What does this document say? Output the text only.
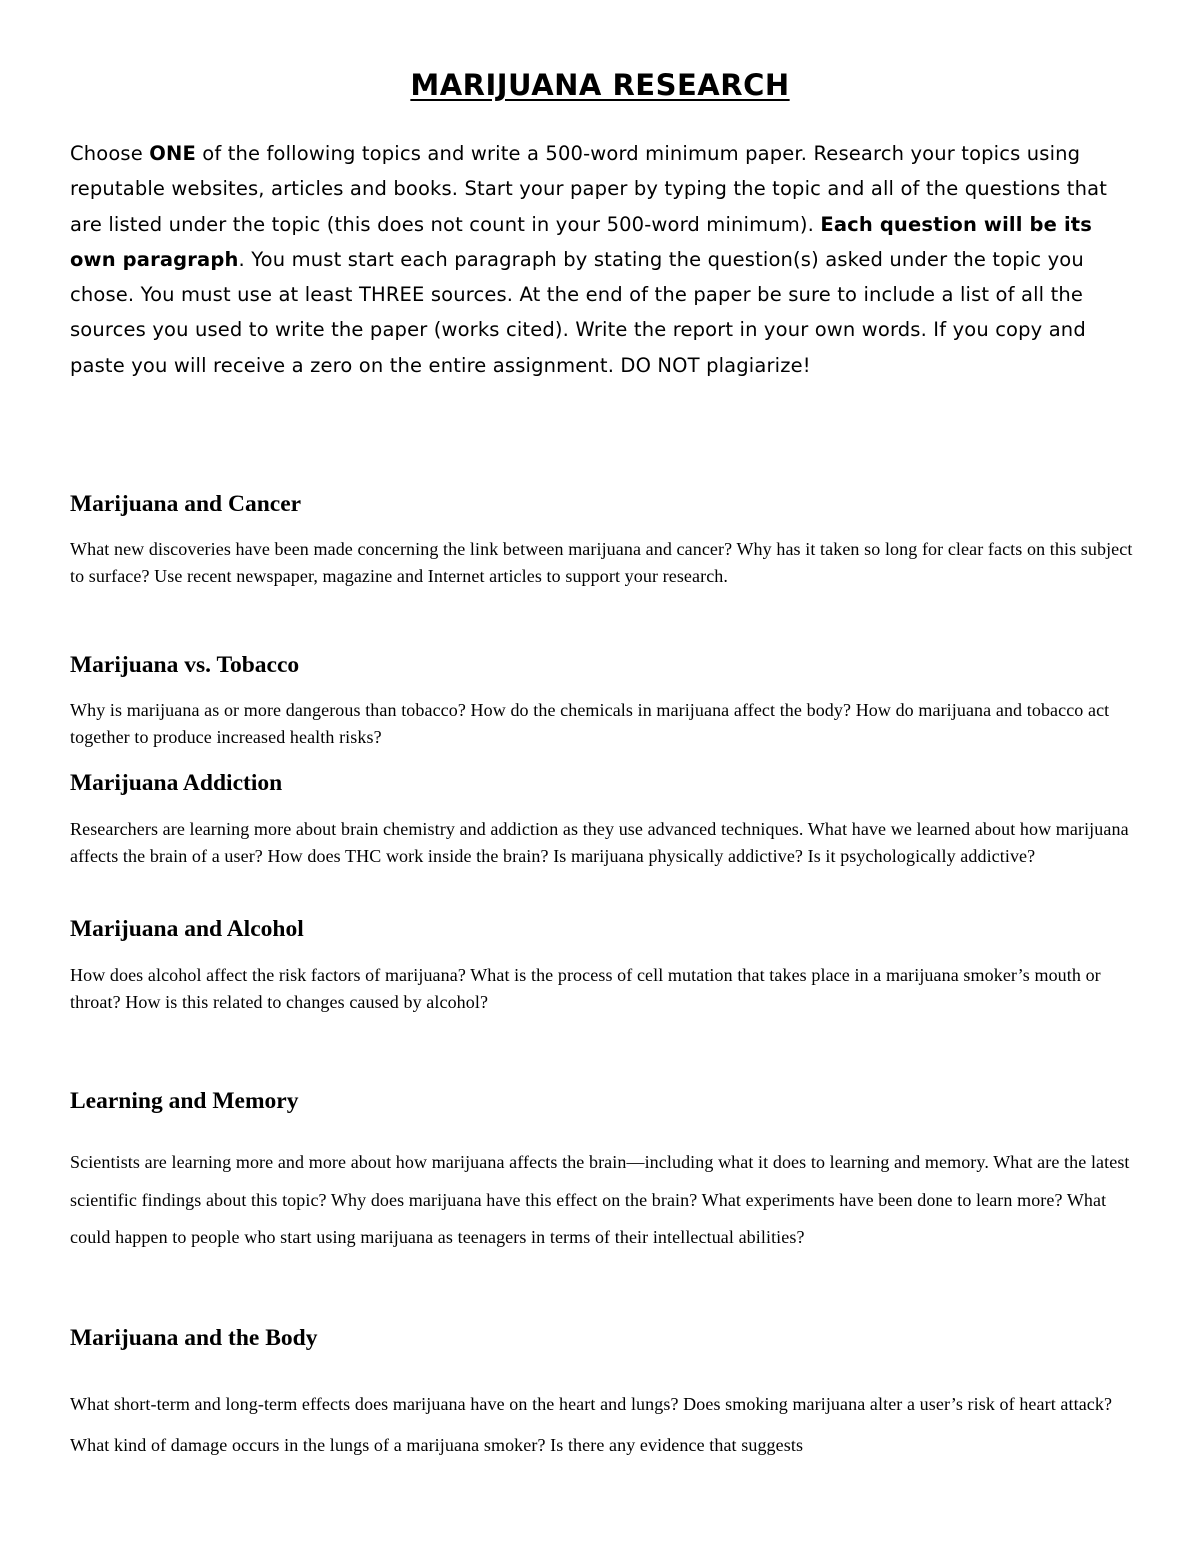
MARIJUANA RESEARCH

Choose ONE of the following topics and write a 500-word minimum paper. Research your topics using reputable websites, articles and books. Start your paper by typing the topic and all of the questions that are listed under the topic (this does not count in your 500-word minimum). Each question will be its own paragraph. You must start each paragraph by stating the question(s) asked under the topic you chose. You must use at least THREE sources. At the end of the paper be sure to include a list of all the sources you used to write the paper (works cited). Write the report in your own words. If you copy and paste you will receive a zero on the entire assignment. DO NOT plagiarize!

Marijuana and Cancer

What new discoveries have been made concerning the link between marijuana and cancer? Why has it taken so long for clear facts on this subject to surface? Use recent newspaper, magazine and Internet articles to support your research.

Marijuana vs. Tobacco

Why is marijuana as or more dangerous than tobacco? How do the chemicals in marijuana affect the body? How do marijuana and tobacco act together to produce increased health risks?

Marijuana Addiction

Researchers are learning more about brain chemistry and addiction as they use advanced techniques. What have we learned about how marijuana affects the brain of a user? How does THC work inside the brain? Is marijuana physically addictive? Is it psychologically addictive?

Marijuana and Alcohol

How does alcohol affect the risk factors of marijuana? What is the process of cell mutation that takes place in a marijuana smoker’s mouth or throat? How is this related to changes caused by alcohol?

Learning and Memory

Scientists are learning more and more about how marijuana affects the brain—including what it does to learning and memory. What are the latest scientific findings about this topic? Why does marijuana have this effect on the brain? What experiments have been done to learn more? What could happen to people who start using marijuana as teenagers in terms of their intellectual abilities?

Marijuana and the Body

What short-term and long-term effects does marijuana have on the heart and lungs? Does smoking marijuana alter a user’s risk of heart attack? What kind of damage occurs in the lungs of a marijuana smoker? Is there any evidence that suggests
